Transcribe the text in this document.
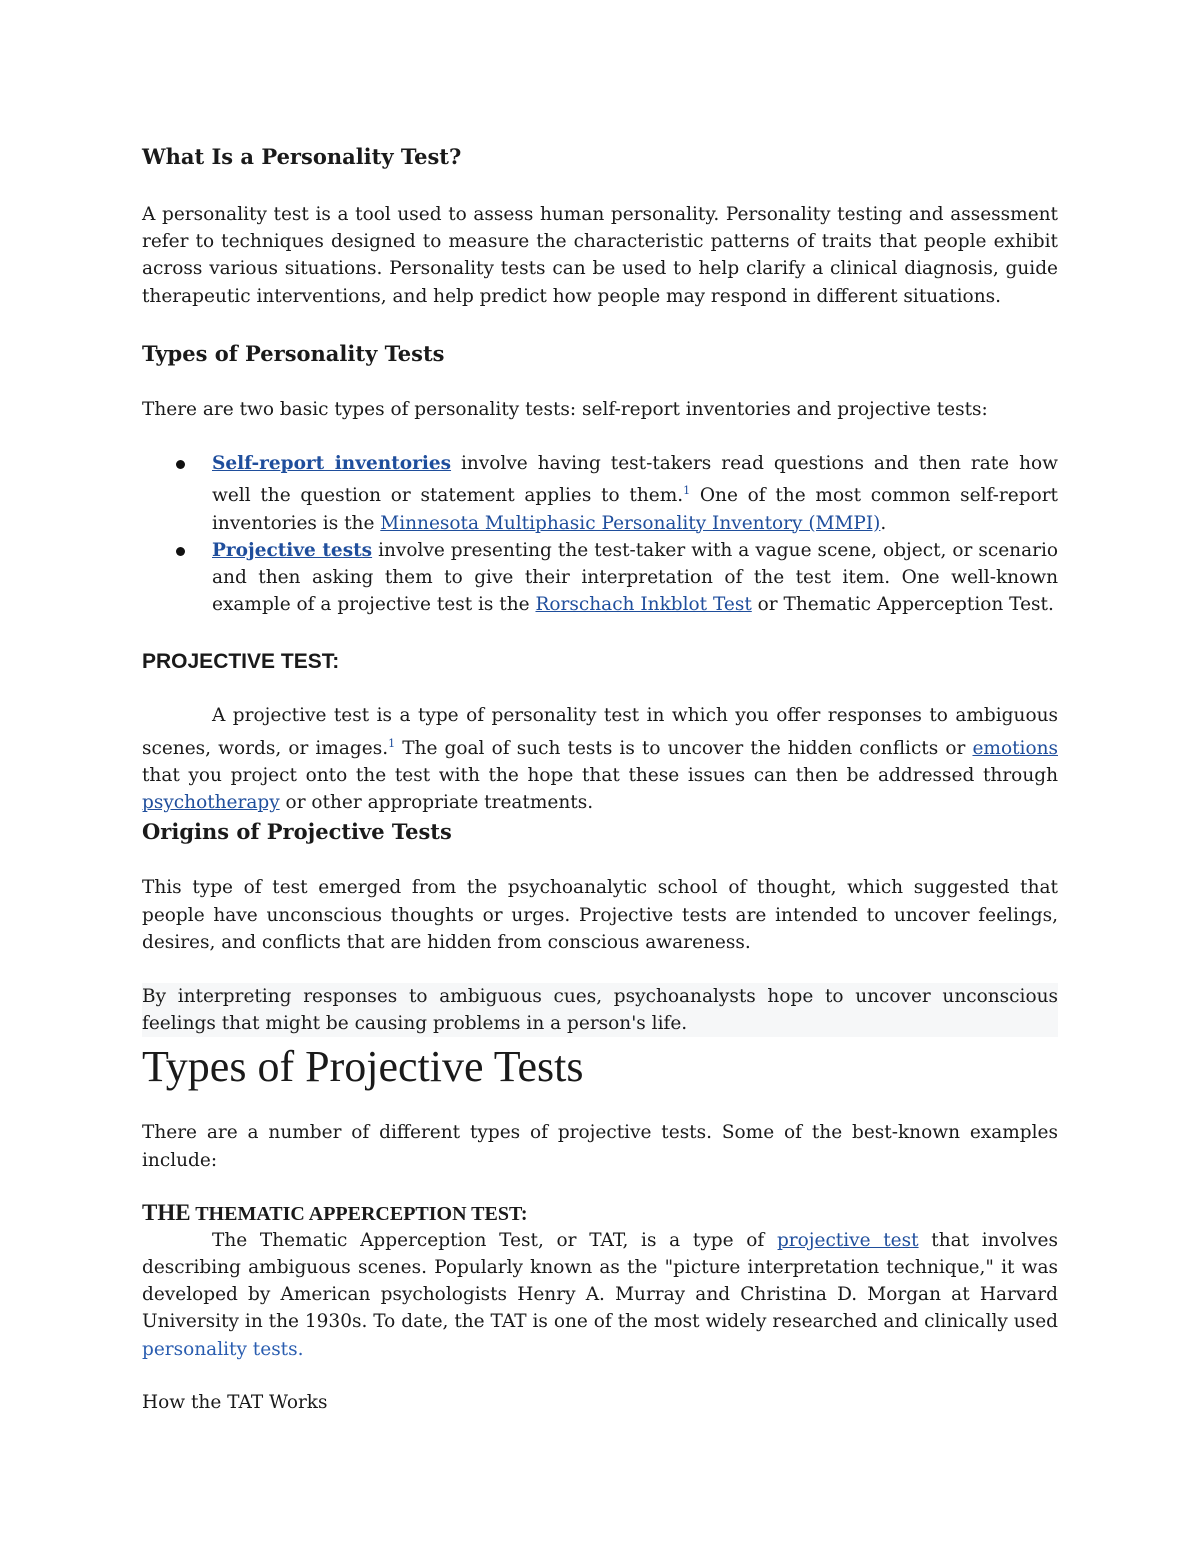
What Is a Personality Test?

A personality test is a tool used to assess human personality. Personality testing and assessment refer to techniques designed to measure the characteristic patterns of traits that people exhibit across various situations. Personality tests can be used to help clarify a clinical diagnosis, guide therapeutic interventions, and help predict how people may respond in different situations.

Types of Personality Tests

There are two basic types of personality tests: self-report inventories and projective tests:

Self-report inventories involve having test-takers read questions and then rate how well the question or statement applies to them.$^1$ One of the most common self-report inventories is the Minnesota Multiphasic Personality Inventory (MMPI).
Projective tests involve presenting the test-taker with a vague scene, object, or scenario and then asking them to give their interpretation of the test item. One well-known example of a projective test is the Rorschach Inkblot Test or Thematic Apperception Test.
PROJECTIVE TEST:

A projective test is a type of personality test in which you offer responses to ambiguous scenes, words, or images.$^1$ The goal of such tests is to uncover the hidden conflicts or emotions that you project onto the test with the hope that these issues can then be addressed through psychotherapy or other appropriate treatments.

Origins of Projective Tests

This type of test emerged from the psychoanalytic school of thought, which suggested that people have unconscious thoughts or urges. Projective tests are intended to uncover feelings, desires, and conflicts that are hidden from conscious awareness.

By interpreting responses to ambiguous cues, psychoanalysts hope to uncover unconscious feelings that might be causing problems in a person's life.

Types of Projective Tests

There are a number of different types of projective tests. Some of the best-known examples include:

THE THEMATIC APPERCEPTION TEST:

The Thematic Apperception Test, or TAT, is a type of projective test that involves describing ambiguous scenes. Popularly known as the "picture interpretation technique," it was developed by American psychologists Henry A. Murray and Christina D. Morgan at Harvard University in the 1930s. To date, the TAT is one of the most widely researched and clinically used personality tests.

How the TAT Works
